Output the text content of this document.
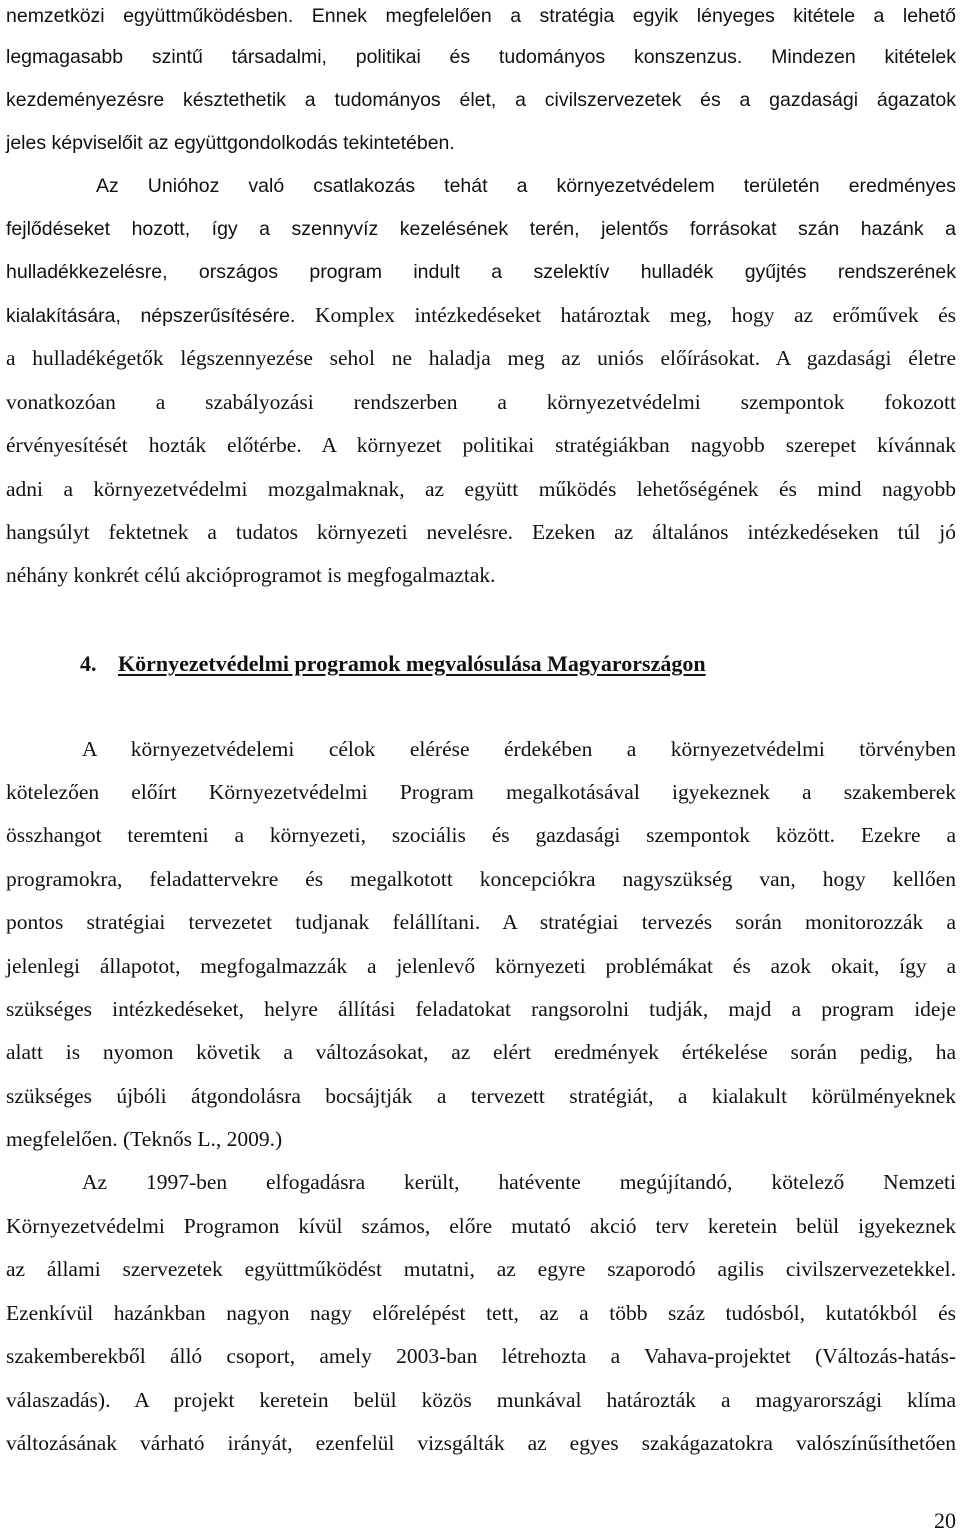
nemzetközi együttműködésben. Ennek megfelelően a stratégia egyik lényeges kitétele a lehető
legmagasabb szintű társadalmi, politikai és tudományos konszenzus. Mindezen kitételek
kezdeményezésre késztethetik a tudományos élet, a civilszervezetek és a gazdasági ágazatok
jeles képviselőit az együttgondolkodás tekintetében.
Az Unióhoz való csatlakozás tehát a környezetvédelem területén eredményes
fejlődéseket hozott, így a szennyvíz kezelésének terén, jelentős forrásokat szán hazánk a
hulladékkezelésre, országos program indult a szelektív hulladék gyűjtés rendszerének
kialakítására, népszerűsítésére. Komplex intézkedéseket határoztak meg, hogy az erőművek és
a hulladékégetők légszennyezése sehol ne haladja meg az uniós előírásokat. A gazdasági életre
vonatkozóan a szabályozási rendszerben a környezetvédelmi szempontok fokozott
érvényesítését hozták előtérbe. A környezet politikai stratégiákban nagyobb szerepet kívánnak
adni a környezetvédelmi mozgalmaknak, az együtt működés lehetőségének és mind nagyobb
hangsúlyt fektetnek a tudatos környezeti nevelésre. Ezeken az általános intézkedéseken túl jó
néhány konkrét célú akcióprogramot is megfogalmaztak.
4. Környezetvédelmi programok megvalósulása Magyarországon
A környezetvédelemi célok elérése érdekében a környezetvédelmi törvényben
kötelezően előírt Környezetvédelmi Program megalkotásával igyekeznek a szakemberek
összhangot teremteni a környezeti, szociális és gazdasági szempontok között. Ezekre a
programokra, feladattervekre és megalkotott koncepciókra nagyszükség van, hogy kellően
pontos stratégiai tervezetet tudjanak felállítani. A stratégiai tervezés során monitorozzák a
jelenlegi állapotot, megfogalmazzák a jelenlevő környezeti problémákat és azok okait, így a
szükséges intézkedéseket, helyre állítási feladatokat rangsorolni tudják, majd a program ideje
alatt is nyomon követik a változásokat, az elért eredmények értékelése során pedig, ha
szükséges újbóli átgondolásra bocsájtják a tervezett stratégiát, a kialakult körülményeknek
megfelelően. (Teknős L., 2009.)
Az 1997-ben elfogadásra került, hatévente megújítandó, kötelező Nemzeti
Környezetvédelmi Programon kívül számos, előre mutató akció terv keretein belül igyekeznek
az állami szervezetek együttműködést mutatni, az egyre szaporodó agilis civilszervezetekkel.
Ezenkívül hazánkban nagyon nagy előrelépést tett, az a több száz tudósból, kutatókból és
szakemberekből álló csoport, amely 2003-ban létrehozta a Vahava-projektet (Változás-hatás-
válaszadás). A projekt keretein belül közös munkával határozták a magyarországi klíma
változásának várható irányát, ezenfelül vizsgálták az egyes szakágazatokra valószínűsíthetően
20
